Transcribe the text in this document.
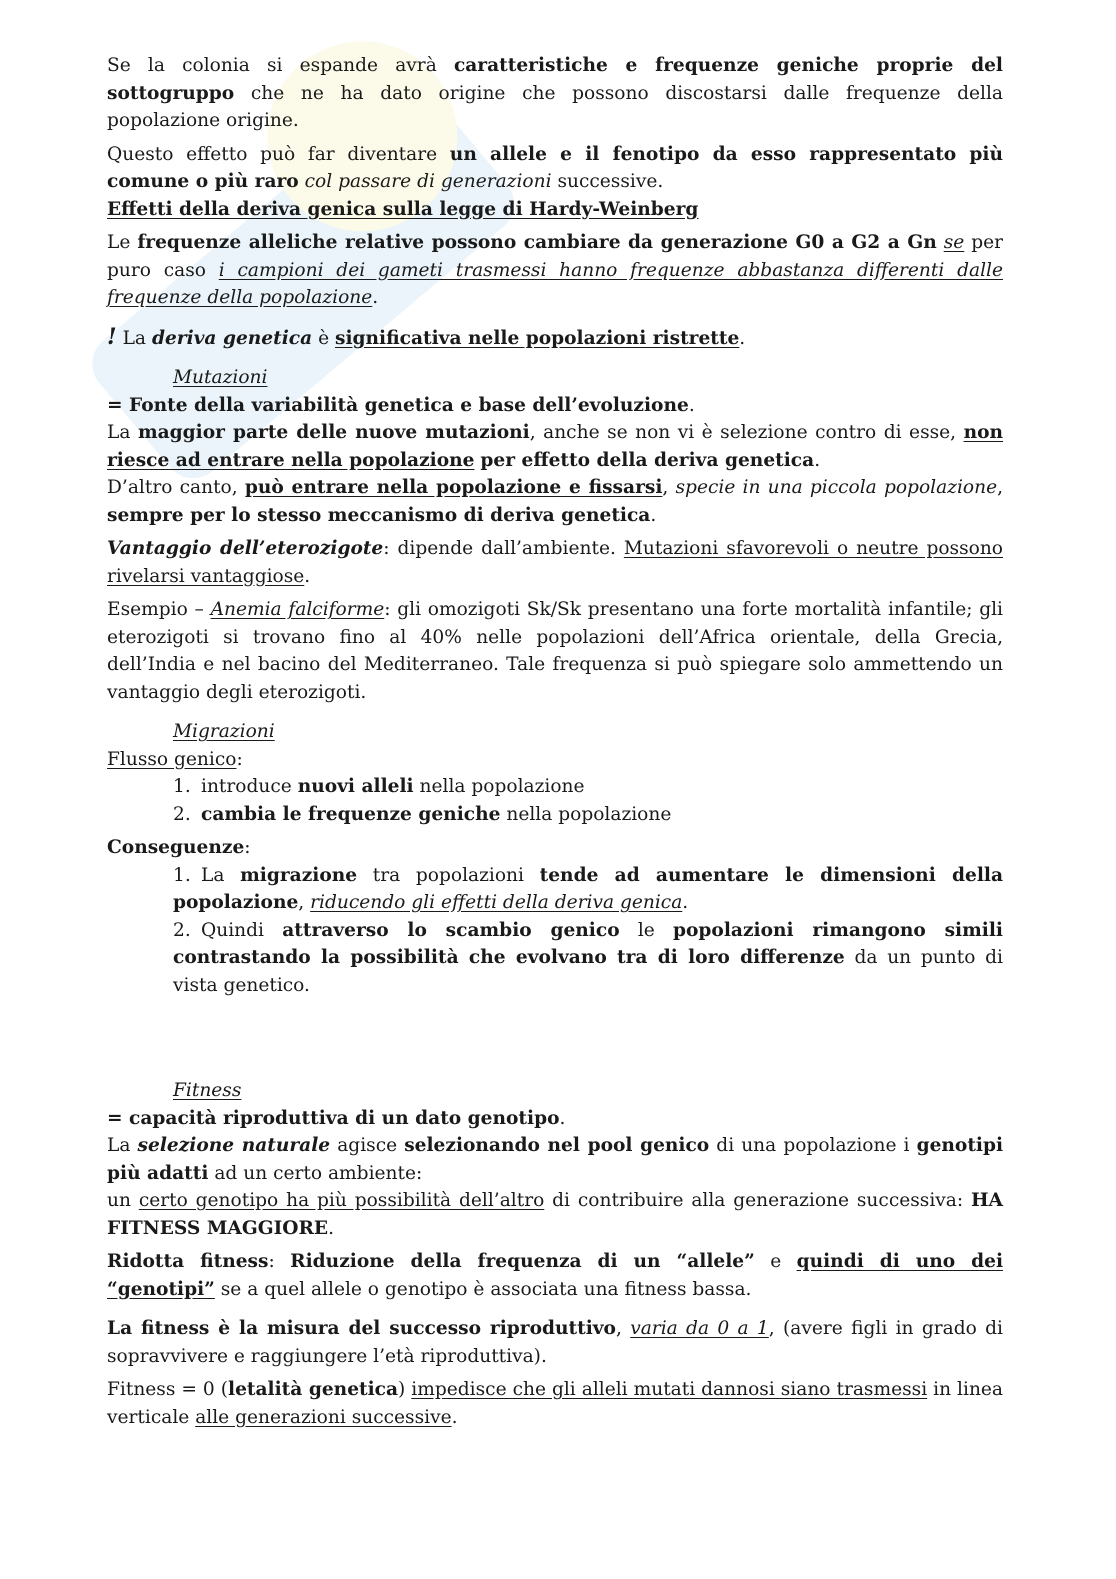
Se la colonia si espande avrà caratteristiche e frequenze geniche proprie del sottogruppo che ne ha dato origine che possono discostarsi dalle frequenze della popolazione origine.

Questo effetto può far diventare un allele e il fenotipo da esso rappresentato più comune o più raro col passare di generazioni successive.

Effetti della deriva genica sulla legge di Hardy-Weinberg

Le frequenze alleliche relative possono cambiare da generazione G0 a G2 a Gn se per puro caso i campioni dei gameti trasmessi hanno frequenze abbastanza differenti dalle frequenze della popolazione.

! La deriva genetica è significativa nelle popolazioni ristrette.

Mutazioni

= Fonte della variabilità genetica e base dell’evoluzione.

La maggior parte delle nuove mutazioni, anche se non vi è selezione contro di esse, non riesce ad entrare nella popolazione per effetto della deriva genetica.

D’altro canto, può entrare nella popolazione e fissarsi, specie in una piccola popolazione, sempre per lo stesso meccanismo di deriva genetica.

Vantaggio dell’eterozigote: dipende dall’ambiente. Mutazioni sfavorevoli o neutre possono rivelarsi vantaggiose.

Esempio – Anemia falciforme: gli omozigoti Sk/Sk presentano una forte mortalità infantile; gli eterozigoti si trovano fino al 40% nelle popolazioni dell’Africa orientale, della Grecia, dell’India e nel bacino del Mediterraneo. Tale frequenza si può spiegare solo ammettendo un vantaggio degli eterozigoti.

Migrazioni

Flusso genico:

1. introduce nuovi alleli nella popolazione

2. cambia le frequenze geniche nella popolazione

Conseguenze:

1. La migrazione tra popolazioni tende ad aumentare le dimensioni della popolazione, riducendo gli effetti della deriva genica.

2. Quindi attraverso lo scambio genico le popolazioni rimangono simili contrastando la possibilità che evolvano tra di loro differenze da un punto di vista genetico.

Fitness

= capacità riproduttiva di un dato genotipo.

La selezione naturale agisce selezionando nel pool genico di una popolazione i genotipi più adatti ad un certo ambiente:

un certo genotipo ha più possibilità dell’altro di contribuire alla generazione successiva: HA FITNESS MAGGIORE.

Ridotta fitness: Riduzione della frequenza di un “allele” e quindi di uno dei “genotipi” se a quel allele o genotipo è associata una fitness bassa.

La fitness è la misura del successo riproduttivo, varia da 0 a 1, (avere figli in grado di sopravvivere e raggiungere l’età riproduttiva).

Fitness = 0 (letalità genetica) impedisce che gli alleli mutati dannosi siano trasmessi in linea verticale alle generazioni successive.
